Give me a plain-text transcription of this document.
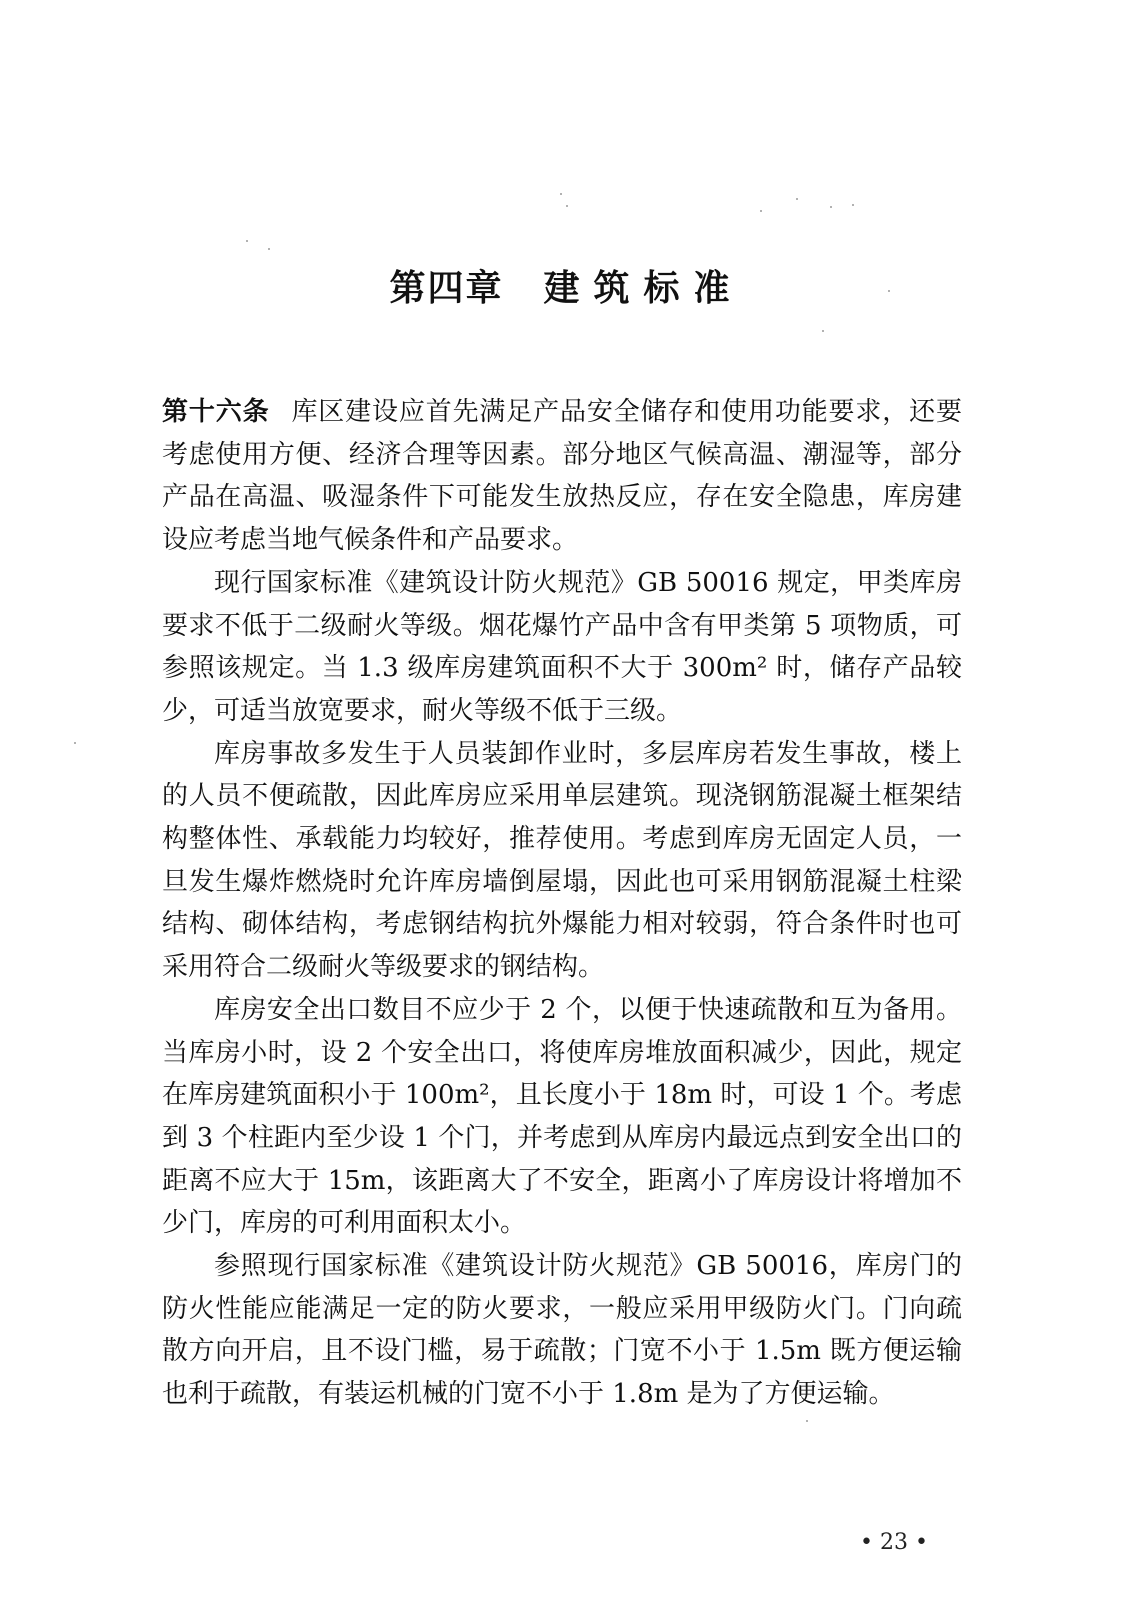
第四章 建筑标准

第十六条 库区建设应首先满足产品安全储存和使用功能要求，还要考虑使用方便、经济合理等因素。部分地区气候高温、潮湿等，部分产品在高温、吸湿条件下可能发生放热反应，存在安全隐患，库房建设应考虑当地气候条件和产品要求。

现行国家标准《建筑设计防火规范》GB 50016 规定，甲类库房要求不低于二级耐火等级。烟花爆竹产品中含有甲类第 5 项物质，可参照该规定。当 1.3 级库房建筑面积不大于 300m² 时，储存产品较少，可适当放宽要求，耐火等级不低于三级。

库房事故多发生于人员装卸作业时，多层库房若发生事故，楼上的人员不便疏散，因此库房应采用单层建筑。现浇钢筋混凝土框架结构整体性、承载能力均较好，推荐使用。考虑到库房无固定人员，一旦发生爆炸燃烧时允许库房墙倒屋塌，因此也可采用钢筋混凝土柱梁结构、砌体结构，考虑钢结构抗外爆能力相对较弱，符合条件时也可采用符合二级耐火等级要求的钢结构。

库房安全出口数目不应少于 2 个，以便于快速疏散和互为备用。当库房小时，设 2 个安全出口，将使库房堆放面积减少，因此，规定在库房建筑面积小于 100m²，且长度小于 18m 时，可设 1 个。考虑到 3 个柱距内至少设 1 个门，并考虑到从库房内最远点到安全出口的距离不应大于 15m，该距离大了不安全，距离小了库房设计将增加不少门，库房的可利用面积太小。

参照现行国家标准《建筑设计防火规范》GB 50016，库房门的防火性能应能满足一定的防火要求，一般应采用甲级防火门。门向疏散方向开启，且不设门槛，易于疏散；门宽不小于 1.5m 既方便运输也利于疏散，有装运机械的门宽不小于 1.8m 是为了方便运输。

• 23 •
